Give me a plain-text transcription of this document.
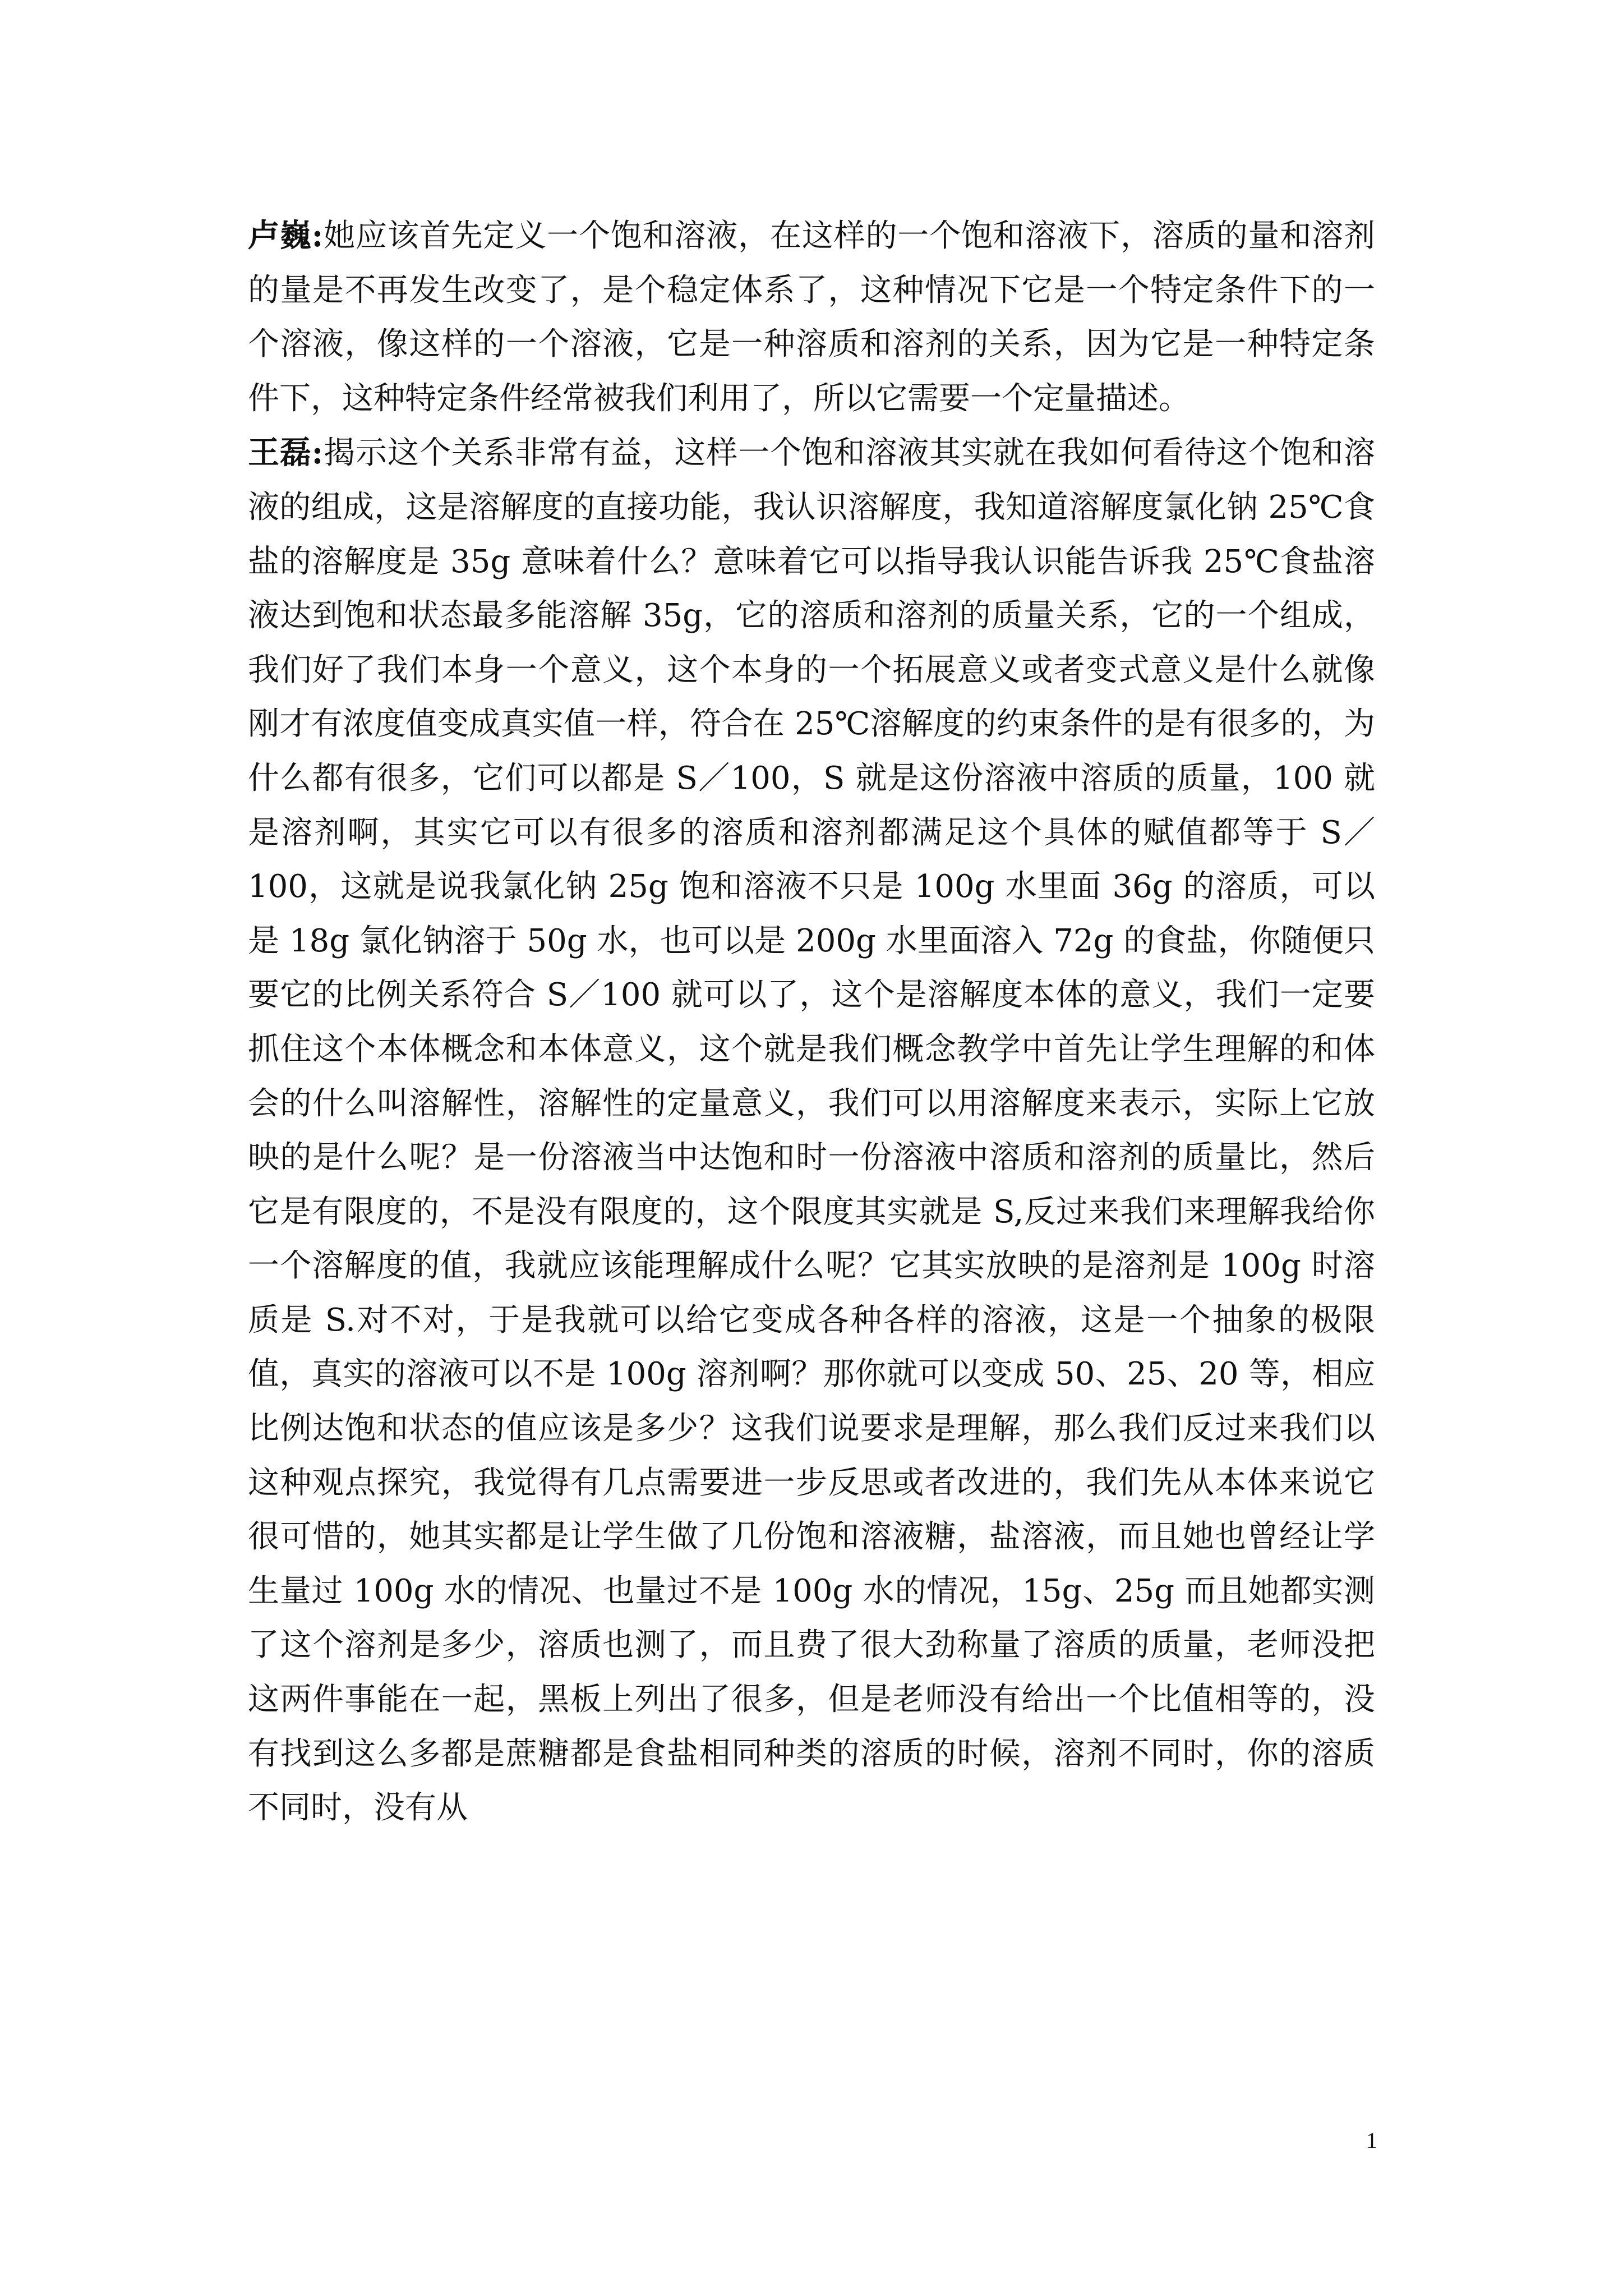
卢巍:她应该首先定义一个饱和溶液，在这样的一个饱和溶液下，溶质的量和溶剂的量是不再发生改变了，是个稳定体系了，这种情况下它是一个特定条件下的一个溶液，像这样的一个溶液，它是一种溶质和溶剂的关系，因为它是一种特定条件下，这种特定条件经常被我们利用了，所以它需要一个定量描述。

王磊:揭示这个关系非常有益，这样一个饱和溶液其实就在我如何看待这个饱和溶液的组成，这是溶解度的直接功能，我认识溶解度，我知道溶解度氯化钠 25℃食盐的溶解度是 35g 意味着什么？意味着它可以指导我认识能告诉我 25℃食盐溶液达到饱和状态最多能溶解 35g，它的溶质和溶剂的质量关系，它的一个组成，我们好了我们本身一个意义，这个本身的一个拓展意义或者变式意义是什么就像刚才有浓度值变成真实值一样，符合在 25℃溶解度的约束条件的是有很多的，为什么都有很多，它们可以都是 S／100，S 就是这份溶液中溶质的质量，100 就是溶剂啊，其实它可以有很多的溶质和溶剂都满足这个具体的赋值都等于 S／100，这就是说我氯化钠 25g 饱和溶液不只是 100g 水里面 36g 的溶质，可以是 18g 氯化钠溶于 50g 水，也可以是 200g 水里面溶入 72g 的食盐，你随便只要它的比例关系符合 S／100 就可以了，这个是溶解度本体的意义，我们一定要抓住这个本体概念和本体意义，这个就是我们概念教学中首先让学生理解的和体会的什么叫溶解性，溶解性的定量意义，我们可以用溶解度来表示，实际上它放映的是什么呢？是一份溶液当中达饱和时一份溶液中溶质和溶剂的质量比，然后它是有限度的，不是没有限度的，这个限度其实就是 S,反过来我们来理解我给你一个溶解度的值，我就应该能理解成什么呢？它其实放映的是溶剂是 100g 时溶质是 S.对不对，于是我就可以给它变成各种各样的溶液，这是一个抽象的极限值，真实的溶液可以不是 100g 溶剂啊？那你就可以变成 50、25、20 等，相应比例达饱和状态的值应该是多少？这我们说要求是理解，那么我们反过来我们以这种观点探究，我觉得有几点需要进一步反思或者改进的，我们先从本体来说它很可惜的，她其实都是让学生做了几份饱和溶液糖，盐溶液，而且她也曾经让学生量过 100g 水的情况、也量过不是 100g 水的情况，15g、25g 而且她都实测了这个溶剂是多少，溶质也测了，而且费了很大劲称量了溶质的质量，老师没把这两件事能在一起，黑板上列出了很多，但是老师没有给出一个比值相等的，没有找到这么多都是蔗糖都是食盐相同种类的溶质的时候，溶剂不同时，你的溶质不同时，没有从

1
